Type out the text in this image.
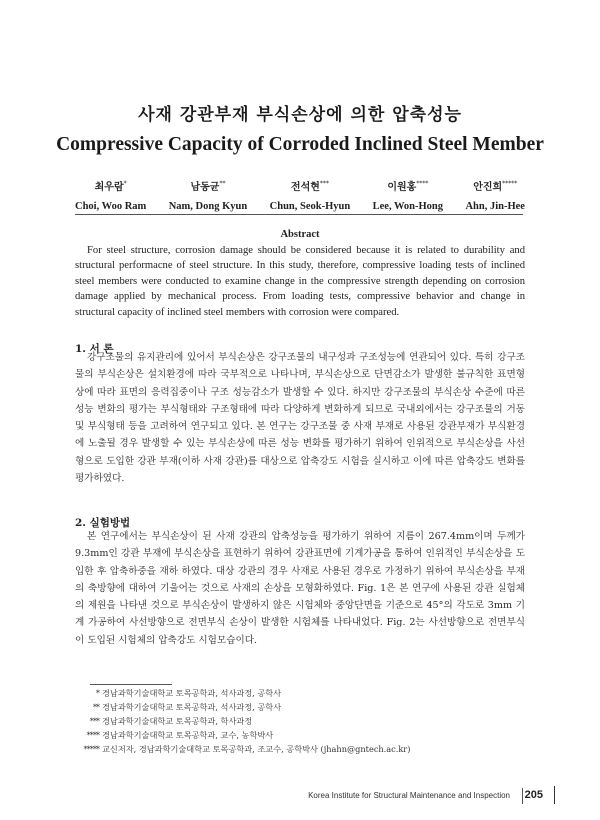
사재 강관부재 부식손상에 의한 압축성능
Compressive Capacity of Corroded Inclined Steel Member
최우람*
Choi, Woo Ram
남동균**
Nam, Dong Kyun
전석현***
Chun, Seok-Hyun
이원홍****
Lee, Won-Hong
안진희*****
Ahn, Jin-Hee
Abstract
For steel structure, corrosion damage should be considered because it is related to durability and structural performacne of steel structure. In this study, therefore, compressive loading tests of inclined steel members were conducted to examine change in the compressive strength depending on corrosion damage applied by mechanical process. From loading tests, compressive behavior and change in structural capacity of inclined steel members with corrosion were compared.
1. 서 론
강구조물의 유지관리에 있어서 부식손상은 강구조물의 내구성과 구조성능에 연관되어 있다. 특히 강구조물의 부식손상은 설치환경에 따라 국부적으로 나타나며, 부식손상으로 단면감소가 발생한 불규칙한 표면형상에 따라 표면의 응력집중이나 구조 성능감소가 발생할 수 있다. 하지만 강구조물의 부식손상 수준에 따른 성능 변화의 평가는 부식형태와 구조형태에 따라 다양하게 변화하게 되므로 국내외에서는 강구조물의 거동 및 부식형태 등을 고려하여 연구되고 있다. 본 연구는 강구조물 중 사재 부재로 사용된 강관부재가 부식환경에 노출될 경우 발생할 수 있는 부식손상에 따른 성능 변화를 평가하기 위하여 인위적으로 부식손상을 사선형으로 도입한 강관 부재(이하 사재 강관)를 대상으로 압축강도 시험을 실시하고 이에 따른 압축강도 변화를 평가하였다.
2. 실험방법
본 연구에서는 부식손상이 된 사재 강관의 압축성능을 평가하기 위하여 지름이 267.4mm이며 두께가 9.3mm인 강관 부재에 부식손상을 표현하기 위하여 강관표면에 기계가공을 통하여 인위적인 부식손상을 도입한 후 압축하중을 재하 하였다. 대상 강관의 경우 사재로 사용된 경우로 가정하기 위하여 부식손상을 부재의 축방향에 대하여 기울어는 것으로 사재의 손상을 모형화하였다. Fig. 1은 본 연구에 사용된 강관 실험체의 제원을 나타낸 것으로 부식손상이 발생하지 않은 시험체와 중앙단면을 기준으로 45°의 각도로 3mm 기계 가공하여 사선방향으로 전면부식 손상이 발생한 시험체를 나타내었다. Fig. 2는 사선방향으로 전면부식이 도입된 시험체의 압축강도 시험모습이다.
* 경남과학기술대학교 토목공학과, 석사과정, 공학사
** 경남과학기술대학교 토목공학과, 석사과정, 공학사
*** 경남과학기술대학교 토목공학과, 학사과정
**** 경남과학기술대학교 토목공학과, 교수, 농학박사
***** 교신저자, 경남과학기술대학교 토목공학과, 조교수, 공학박사 (jhahn@gntech.ac.kr)
Korea Institute for Structural Maintenance and Inspection 205
